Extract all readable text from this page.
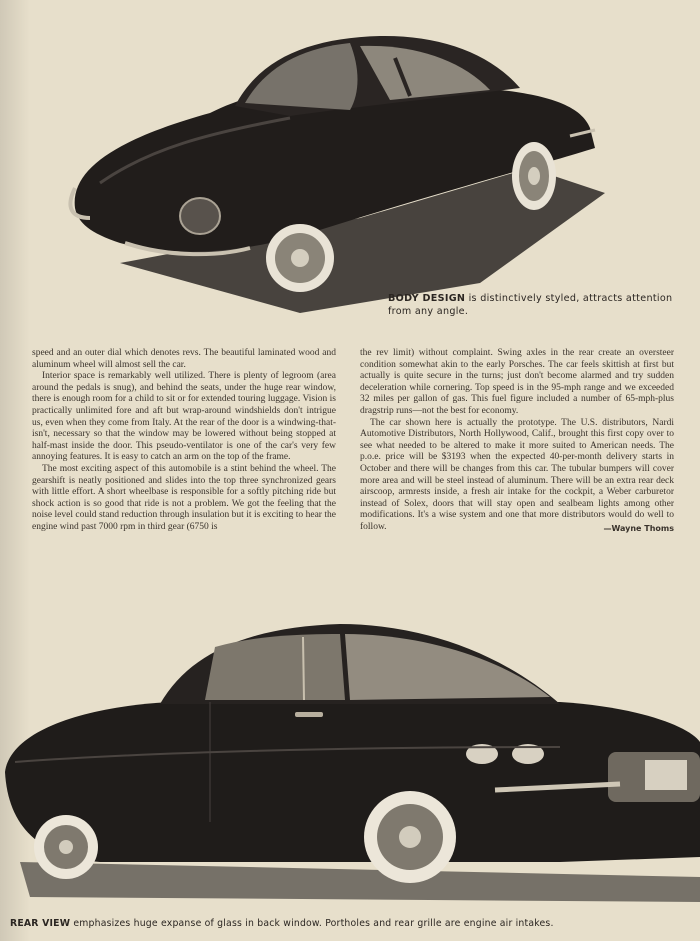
BODY DESIGN is distinctively styled, attracts attention from any angle.

speed and an outer dial which denotes revs. The beautiful laminated wood and aluminum wheel will almost sell the car.

Interior space is remarkably well utilized. There is plenty of legroom (area around the pedals is snug), and behind the seats, under the huge rear window, there is enough room for a child to sit or for extended touring luggage. Vision is practically unlimited fore and aft but wrap-around windshields don't intrigue us, even when they come from Italy. At the rear of the door is a windwing-that-isn't, necessary so that the window may be lowered without being stopped at half-mast inside the door. This pseudo-ventilator is one of the car's very few annoying features. It is easy to catch an arm on the top of the frame.

The most exciting aspect of this automobile is a stint behind the wheel. The gearshift is neatly positioned and slides into the top three synchronized gears with little effort. A short wheelbase is responsible for a softly pitching ride but shock action is so good that ride is not a problem. We got the feeling that the noise level could stand reduction through insulation but it is exciting to hear the engine wind past 7000 rpm in third gear (6750 is

the rev limit) without complaint. Swing axles in the rear create an oversteer condition somewhat akin to the early Porsches. The car feels skittish at first but actually is quite secure in the turns; just don't become alarmed and try sudden deceleration while cornering. Top speed is in the 95-mph range and we exceeded 32 miles per gallon of gas. This fuel figure included a number of 65-mph-plus dragstrip runs—not the best for economy.

The car shown here is actually the prototype. The U.S. distributors, Nardi Automotive Distributors, North Hollywood, Calif., brought this first copy over to see what needed to be altered to make it more suited to American needs. The p.o.e. price will be $3193 when the expected 40-per-month delivery starts in October and there will be changes from this car. The tubular bumpers will cover more area and will be steel instead of aluminum. There will be an extra rear deck airscoop, armrests inside, a fresh air intake for the cockpit, a Weber carburetor instead of Solex, doors that will stay open and sealbeam lights among other modifications. It's a wise system and one that more distributors would do well to follow.	—Wayne Thoms
REAR VIEW emphasizes huge expanse of glass in back window. Portholes and rear grille are engine air intakes.
